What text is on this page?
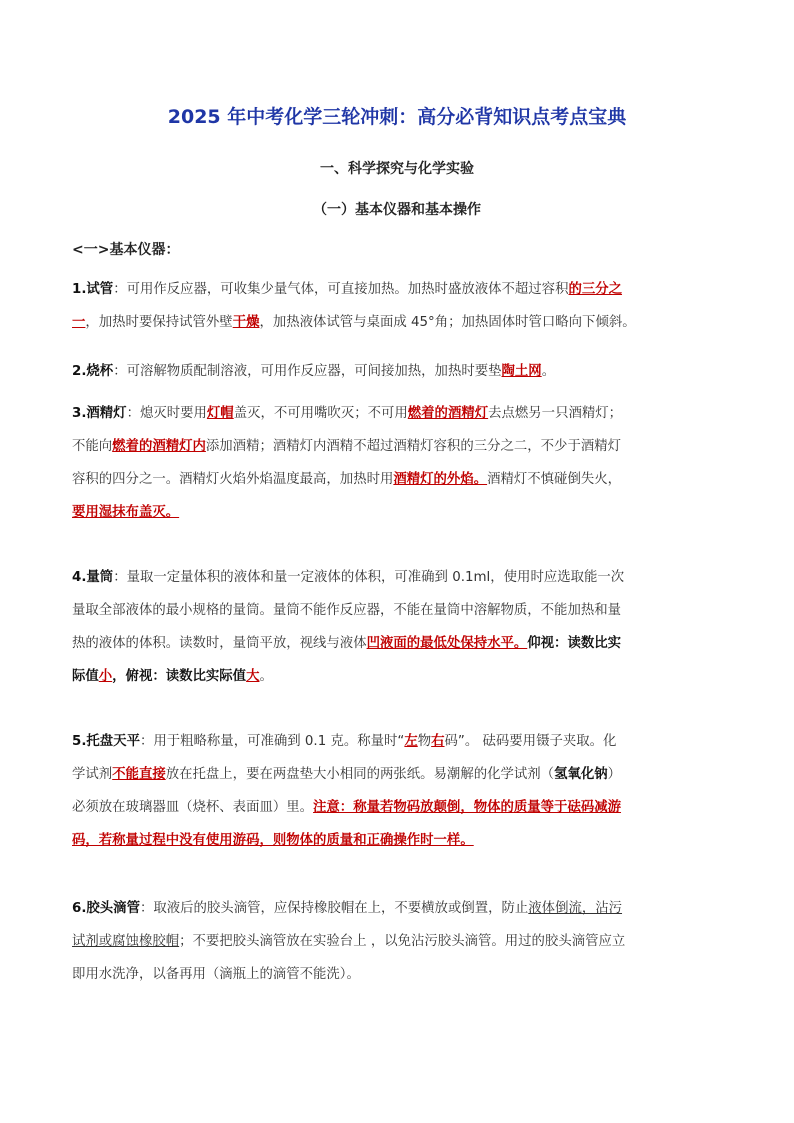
2025 年中考化学三轮冲刺：高分必背知识点考点宝典
一、科学探究与化学实验
（一）基本仪器和基本操作
<一>基本仪器：
1.试管：可用作反应器，可收集少量气体，可直接加热。加热时盛放液体不超过容积的三分之
一，加热时要保持试管外壁干燥，加热液体试管与桌面成 45°角；加热固体时管口略向下倾斜。
2.烧杯：可溶解物质配制溶液，可用作反应器，可间接加热，加热时要垫陶土网。
3.酒精灯：熄灭时要用灯帽盖灭，不可用嘴吹灭；不可用燃着的酒精灯去点燃另一只酒精灯；
不能向燃着的酒精灯内添加酒精；酒精灯内酒精不超过酒精灯容积的三分之二，不少于酒精灯
容积的四分之一。酒精灯火焰外焰温度最高，加热时用酒精灯的外焰。酒精灯不慎碰倒失火，
要用湿抹布盖灭。
4.量筒：量取一定量体积的液体和量一定液体的体积，可准确到 0.1ml，使用时应选取能一次
量取全部液体的最小规格的量筒。量筒不能作反应器，不能在量筒中溶解物质，不能加热和量
热的液体的体积。读数时，量筒平放，视线与液体凹液面的最低处保持水平。仰视：读数比实
际值小，俯视：读数比实际值大。
5.托盘天平：用于粗略称量，可准确到 0.1 克。称量时“左物右码”。 砝码要用镊子夹取。化
学试剂不能直接放在托盘上，要在两盘垫大小相同的两张纸。易潮解的化学试剂（氢氧化钠）
必须放在玻璃器皿（烧杯、表面皿）里。注意：称量若物码放颠倒，物体的质量等于砝码减游
码，若称量过程中没有使用游码，则物体的质量和正确操作时一样。
6.胶头滴管：取液后的胶头滴管，应保持橡胶帽在上，不要横放或倒置，防止液体倒流，沾污
试剂或腐蚀橡胶帽；不要把胶头滴管放在实验台上 ，以免沾污胶头滴管。用过的胶头滴管应立
即用水洗净，以备再用（滴瓶上的滴管不能洗）。
